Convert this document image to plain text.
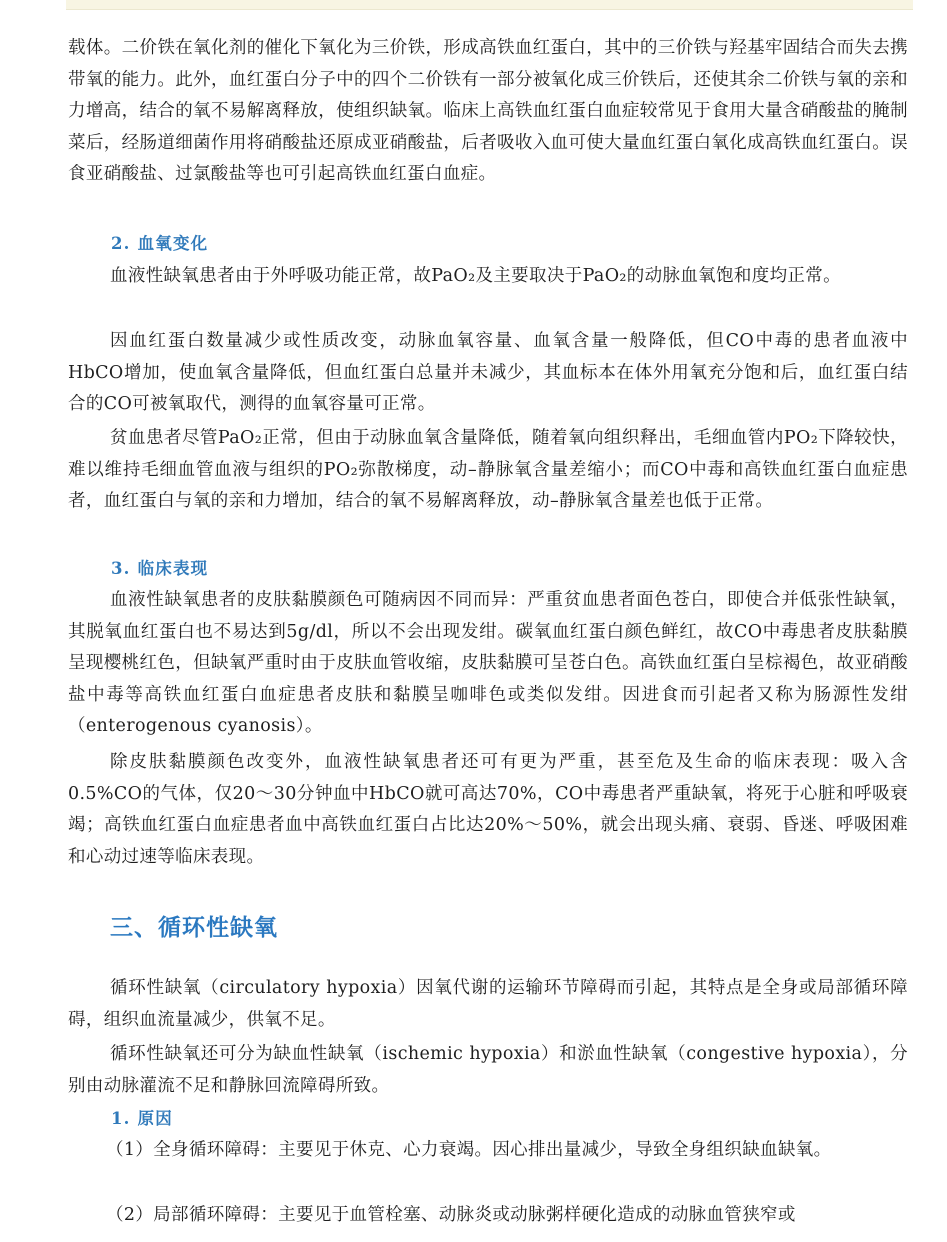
载体。二价铁在氧化剂的催化下氧化为三价铁，形成高铁血红蛋白，其中的三价铁与羟基牢固结合而失去携带氧的能力。此外，血红蛋白分子中的四个二价铁有一部分被氧化成三价铁后，还使其余二价铁与氧的亲和力增高，结合的氧不易解离释放，使组织缺氧。临床上高铁血红蛋白血症较常见于食用大量含硝酸盐的腌制菜后，经肠道细菌作用将硝酸盐还原成亚硝酸盐，后者吸收入血可使大量血红蛋白氧化成高铁血红蛋白。误食亚硝酸盐、过氯酸盐等也可引起高铁血红蛋白血症。

2. 血氧变化

血液性缺氧患者由于外呼吸功能正常，故PaO₂及主要取决于PaO₂的动脉血氧饱和度均正常。

因血红蛋白数量减少或性质改变，动脉血氧容量、血氧含量一般降低，但CO中毒的患者血液中HbCO增加，使血氧含量降低，但血红蛋白总量并未减少，其血标本在体外用氧充分饱和后，血红蛋白结合的CO可被氧取代，测得的血氧容量可正常。

贫血患者尽管PaO₂正常，但由于动脉血氧含量降低，随着氧向组织释出，毛细血管内PO₂下降较快，难以维持毛细血管血液与组织的PO₂弥散梯度，动–静脉氧含量差缩小；而CO中毒和高铁血红蛋白血症患者，血红蛋白与氧的亲和力增加，结合的氧不易解离释放，动–静脉氧含量差也低于正常。

3. 临床表现

血液性缺氧患者的皮肤黏膜颜色可随病因不同而异：严重贫血患者面色苍白，即使合并低张性缺氧，其脱氧血红蛋白也不易达到5g/dl，所以不会出现发绀。碳氧血红蛋白颜色鲜红，故CO中毒患者皮肤黏膜呈现樱桃红色，但缺氧严重时由于皮肤血管收缩，皮肤黏膜可呈苍白色。高铁血红蛋白呈棕褐色，故亚硝酸盐中毒等高铁血红蛋白血症患者皮肤和黏膜呈咖啡色或类似发绀。因进食而引起者又称为肠源性发绀（enterogenous cyanosis）。

除皮肤黏膜颜色改变外，血液性缺氧患者还可有更为严重，甚至危及生命的临床表现：吸入含0.5%CO的气体，仅20～30分钟血中HbCO就可高达70%，CO中毒患者严重缺氧，将死于心脏和呼吸衰竭；高铁血红蛋白血症患者血中高铁血红蛋白占比达20%～50%，就会出现头痛、衰弱、昏迷、呼吸困难和心动过速等临床表现。

三、循环性缺氧

循环性缺氧（circulatory hypoxia）因氧代谢的运输环节障碍而引起，其特点是全身或局部循环障碍，组织血流量减少，供氧不足。

循环性缺氧还可分为缺血性缺氧（ischemic hypoxia）和淤血性缺氧（congestive hypoxia），分别由动脉灌流不足和静脉回流障碍所致。

1. 原因

（1）全身循环障碍：主要见于休克、心力衰竭。因心排出量减少，导致全身组织缺血缺氧。

（2）局部循环障碍：主要见于血管栓塞、动脉炎或动脉粥样硬化造成的动脉血管狭窄或
